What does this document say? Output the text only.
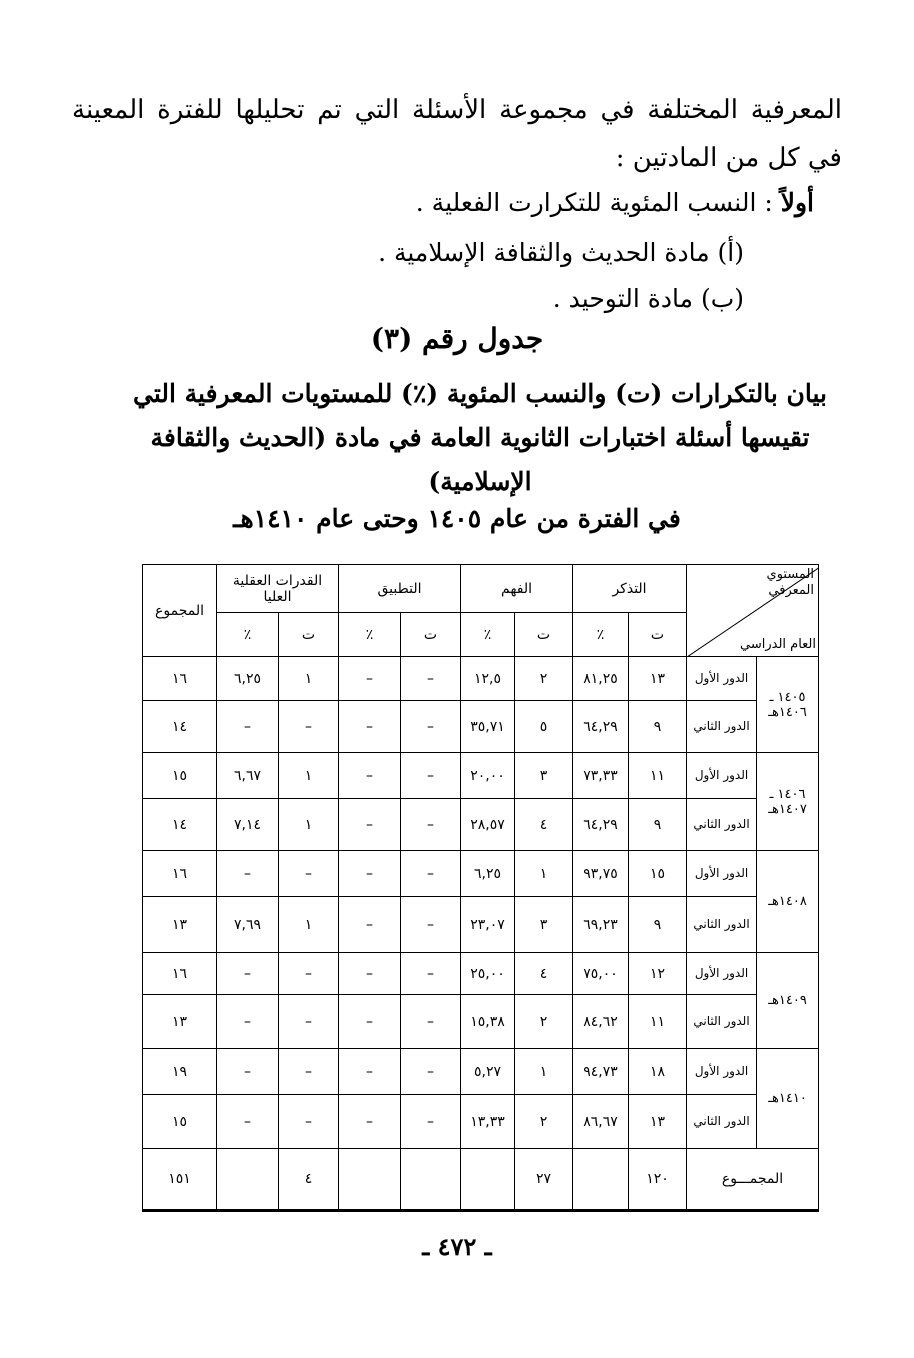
المعرفية المختلفة في مجموعة الأسئلة التي تم تحليلها للفترة المعينة في كل من المادتين :
أولاً : النسب المئوية للتكرارت الفعلية .
(أ) مادة الحديث والثقافة الإسلامية .
(ب) مادة التوحيد .
جدول رقم (٣)
بيان بالتكرارات (ت) والنسب المئوية (٪) للمستويات المعرفية التي تقيسها أسئلة اختبارات الثانوية العامة في مادة (الحديث والثقافة الإسلامية)
في الفترة من عام ١٤٠٥ وحتى عام ١٤١٠هـ
المستوي المعرفي
العام الدراسي		التذكر		الفهم		التطبيق		القدرات العقلية العليا		المجموع
		ت	٪	ت	٪	ت	٪	ت	٪	
١٤٠٥ ـ ١٤٠٦هـ	الدور الأول	١٣	٨١,٢٥	٢	١٢,٥	–	–	١	٦,٢٥	١٦
	الدور الثاني	٩	٦٤,٢٩	٥	٣٥,٧١	–	–	–	–	١٤
١٤٠٦ ـ ١٤٠٧هـ	الدور الأول	١١	٧٣,٣٣	٣	٢٠,٠٠	–	–	١	٦,٦٧	١٥
	الدور الثاني	٩	٦٤,٢٩	٤	٢٨,٥٧	–	–	١	٧,١٤	١٤
١٤٠٨هـ	الدور الأول	١٥	٩٣,٧٥	١	٦,٢٥	–	–	–	–	١٦
	الدور الثاني	٩	٦٩,٢٣	٣	٢٣,٠٧	–	–	١	٧,٦٩	١٣
١٤٠٩هـ	الدور الأول	١٢	٧٥,٠٠	٤	٢٥,٠٠	–	–	–	–	١٦
	الدور الثاني	١١	٨٤,٦٢	٢	١٥,٣٨	–	–	–	–	١٣
١٤١٠هـ	الدور الأول	١٨	٩٤,٧٣	١	٥,٢٧	–	–	–	–	١٩
	الدور الثاني	١٣	٨٦,٦٧	٢	١٣,٣٣	–	–	–	–	١٥
المجمـــوع		١٢٠		٢٧				٤		١٥١
ـ ٤٧٢ ـ
